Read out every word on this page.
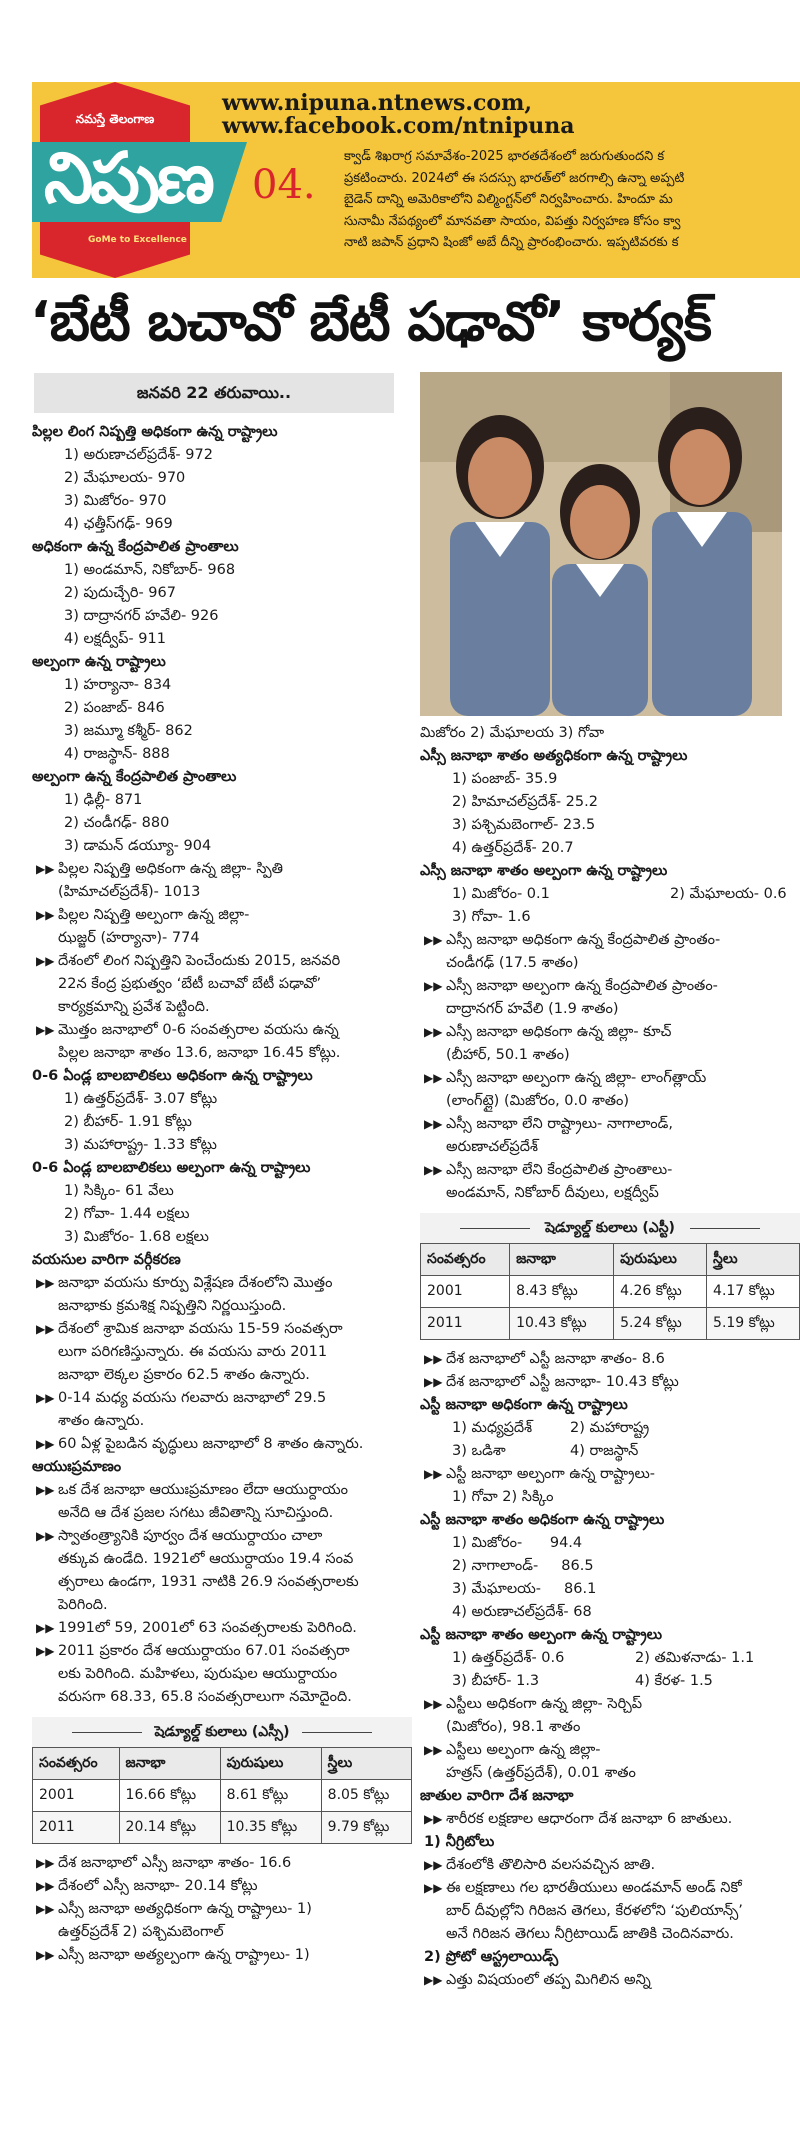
నమస్తే తెలంగాణ
నిపుణ
GoMe to Excellence
04.
www.nipuna.ntnews.com,
www.facebook.com/ntnipuna
క్వాడ్ శిఖరాగ్ర సమావేశం-2025 భారతదేశంలో జరుగుతుందని క
ప్రకటించారు. 2024లో ఈ సదస్సు భారత్‌లో జరగాల్సి ఉన్నా అప్పటి
బైడెన్ దాన్ని అమెరికాలోని విల్మింగ్టన్‌లో నిర్వహించారు. హిందూ మ
సునామీ నేపథ్యంలో మానవతా సాయం, విపత్తు నిర్వహణ కోసం క్వా
నాటి జపాన్ ప్రధాని షింజో అబే దీన్ని ప్రారంభించారు. ఇప్పటివరకు క
‘బేటీ బచావో బేటీ పఢావో’ కార్యక్
జనవరి 22 తరువాయి..
పిల్లల లింగ నిష్పత్తి అధికంగా ఉన్న రాష్ట్రాలు
1) అరుణాచల్‌ప్రదేశ్- 972
2) మేఘాలయ- 970
3) మిజోరం- 970
4) ఛత్తీస్‌గఢ్- 969
అధికంగా ఉన్న కేంద్రపాలిత ప్రాంతాలు
1) అండమాన్, నికోబార్- 968
2) పుదుచ్చేరి- 967
3) దాద్రానగర్ హవేలి- 926
4) లక్షద్వీప్- 911
అల్పంగా ఉన్న రాష్ట్రాలు
1) హర్యానా- 834
2) పంజాబ్- 846
3) జమ్మూ కశ్మీర్- 862
4) రాజస్థాన్- 888
అల్పంగా ఉన్న కేంద్రపాలిత ప్రాంతాలు
1) ఢిల్లీ- 871
2) చండీగఢ్- 880
3) డామన్ డయ్యూ- 904
▶▶ పిల్లల నిష్పత్తి అధికంగా ఉన్న జిల్లా- స్పితి
(హిమాచల్‌ప్రదేశ్)- 1013
▶▶ పిల్లల నిష్పత్తి అల్పంగా ఉన్న జిల్లా-
ఝజ్జర్ (హర్యానా)- 774
▶▶ దేశంలో లింగ నిష్పత్తిని పెంచేందుకు 2015, జనవరి
22న కేంద్ర ప్రభుత్వం ‘బేటీ బచావో బేటీ పఢావో’
కార్యక్రమాన్ని ప్రవేశ పెట్టింది.
▶▶ మొత్తం జనాభాలో 0-6 సంవత్సరాల వయసు ఉన్న
పిల్లల జనాభా శాతం 13.6, జనాభా 16.45 కోట్లు.
0-6 ఏండ్ల బాలబాలికలు అధికంగా ఉన్న రాష్ట్రాలు
1) ఉత్తర్‌ప్రదేశ్- 3.07 కోట్లు
2) బీహార్- 1.91 కోట్లు
3) మహారాష్ట్ర- 1.33 కోట్లు
0-6 ఏండ్ల బాలబాలికలు అల్పంగా ఉన్న రాష్ట్రాలు
1) సిక్కిం- 61 వేలు
2) గోవా- 1.44 లక్షలు
3) మిజోరం- 1.68 లక్షలు
వయసుల వారిగా వర్గీకరణ
▶▶ జనాభా వయసు కూర్పు విశ్లేషణ దేశంలోని మొత్తం
జనాభాకు క్రమశిక్ష నిష్పత్తిని నిర్ణయిస్తుంది.
▶▶ దేశంలో శ్రామిక జనాభా వయసు 15-59 సంవత్సరా
లుగా పరిగణిస్తున్నారు. ఈ వయసు వారు 2011
జనాభా లెక్కల ప్రకారం 62.5 శాతం ఉన్నారు.
▶▶ 0-14 మధ్య వయసు గలవారు జనాభాలో 29.5
శాతం ఉన్నారు.
▶▶ 60 ఏళ్ల పైబడిన వృద్ధులు జనాభాలో 8 శాతం ఉన్నారు.
ఆయుఃప్రమాణం
▶▶ ఒక దేశ జనాభా ఆయుఃప్రమాణం లేదా ఆయుర్దాయం
అనేది ఆ దేశ ప్రజల సగటు జీవితాన్ని సూచిస్తుంది.
▶▶ స్వాతంత్ర్యానికి పూర్వం దేశ ఆయుర్దాయం చాలా
తక్కువ ఉండేది. 1921లో ఆయుర్దాయం 19.4 సంవ
త్సరాలు ఉండగా, 1931 నాటికి 26.9 సంవత్సరాలకు
పెరిగింది.
▶▶ 1991లో 59, 2001లో 63 సంవత్సరాలకు పెరిగింది.
▶▶ 2011 ప్రకారం దేశ ఆయుర్దాయం 67.01 సంవత్సరా
లకు పెరిగింది. మహిళలు, పురుషుల ఆయుర్దాయం
వరుసగా 68.33, 65.8 సంవత్సరాలుగా నమోదైంది.
షెడ్యూల్డ్ కులాలు (ఎస్సీ)
సంవత్సరం	జనాభా	పురుషులు	స్త్రీలు
2001	16.66 కోట్లు	8.61 కోట్లు	8.05 కోట్లు
2011	20.14 కోట్లు	10.35 కోట్లు	9.79 కోట్లు
▶▶ దేశ జనాభాలో ఎస్సీ జనాభా శాతం- 16.6
▶▶ దేశంలో ఎస్సీ జనాభా- 20.14 కోట్లు
▶▶ ఎస్సీ జనాభా అత్యధికంగా ఉన్న రాష్ట్రాలు- 1)
ఉత్తర్‌ప్రదేశ్ 2) పశ్చిమబెంగాల్
▶▶ ఎస్సీ జనాభా అత్యల్పంగా ఉన్న రాష్ట్రాలు- 1)
మిజోరం 2) మేఘాలయ 3) గోవా
ఎస్సీ జనాభా శాతం అత్యధికంగా ఉన్న రాష్ట్రాలు
1) పంజాబ్- 35.9
2) హిమాచల్‌ప్రదేశ్- 25.2
3) పశ్చిమబెంగాల్- 23.5
4) ఉత్తర్‌ప్రదేశ్- 20.7
ఎస్సీ జనాభా శాతం అల్పంగా ఉన్న రాష్ట్రాలు
1) మిజోరం- 0.1	2) మేఘాలయ- 0.6
3) గోవా- 1.6
▶▶ ఎస్సీ జనాభా అధికంగా ఉన్న కేంద్రపాలిత ప్రాంతం-
చండీగఢ్ (17.5 శాతం)
▶▶ ఎస్సీ జనాభా అల్పంగా ఉన్న కేంద్రపాలిత ప్రాంతం-
దాద్రానగర్ హవేలి (1.9 శాతం)
▶▶ ఎస్సీ జనాభా అధికంగా ఉన్న జిల్లా- కూచ్
(బీహార్, 50.1 శాతం)
▶▶ ఎస్సీ జనాభా అల్పంగా ఉన్న జిల్లా- లాంగ్‌త్లాయ్
(లాంగ్‌ట్లై) (మిజోరం, 0.0 శాతం)
▶▶ ఎస్సీ జనాభా లేని రాష్ట్రాలు- నాగాలాండ్,
అరుణాచల్‌ప్రదేశ్
▶▶ ఎస్సీ జనాభా లేని కేంద్రపాలిత ప్రాంతాలు-
అండమాన్, నికోబార్ దీవులు, లక్షద్వీప్
షెడ్యూల్డ్ కులాలు (ఎస్టీ)
సంవత్సరం	జనాభా	పురుషులు	స్త్రీలు
2001	8.43 కోట్లు	4.26 కోట్లు	4.17 కోట్లు
2011	10.43 కోట్లు	5.24 కోట్లు	5.19 కోట్లు
▶▶ దేశ జనాభాలో ఎస్టీ జనాభా శాతం- 8.6
▶▶ దేశ జనాభాలో ఎస్టీ జనాభా- 10.43 కోట్లు
ఎస్టీ జనాభా అధికంగా ఉన్న రాష్ట్రాలు
1) మధ్యప్రదేశ్	2) మహారాష్ట్ర
3) ఒడిశా	4) రాజస్థాన్
▶▶ ఎస్టీ జనాభా అల్పంగా ఉన్న రాష్ట్రాలు-
1) గోవా 2) సిక్కిం
ఎస్టీ జనాభా శాతం అధికంగా ఉన్న రాష్ట్రాలు
1) మిజోరం-      94.4
2) నాగాలాండ్-     86.5
3) మేఘాలయ-     86.1
4) అరుణాచల్‌ప్రదేశ్- 68
ఎస్టీ జనాభా శాతం అల్పంగా ఉన్న రాష్ట్రాలు
1) ఉత్తర్‌ప్రదేశ్- 0.6	2) తమిళనాడు- 1.1
3) బీహార్- 1.3	4) కేరళ- 1.5
▶▶ ఎస్టీలు అధికంగా ఉన్న జిల్లా- సెర్చిప్
(మిజోరం), 98.1 శాతం
▶▶ ఎస్టీలు అల్పంగా ఉన్న జిల్లా-
హత్రస్ (ఉత్తర్‌ప్రదేశ్), 0.01 శాతం
జాతుల వారిగా దేశ జనాభా
▶▶ శారీరక లక్షణాల ఆధారంగా దేశ జనాభా 6 జాతులు.
1) నీగ్రిటోలు
▶▶ దేశంలోకి తొలిసారి వలసవచ్చిన జాతి.
▶▶ ఈ లక్షణాలు గల భారతీయులు అండమాన్ అండ్ నికో
బార్ దీవుల్లోని గిరిజన తెగలు, కేరళలోని ‘పులియాన్స్’
అనే గిరిజన తెగలు నీగ్రిటాయిడ్ జాతికి చెందినవారు.
2) ప్రోటో ఆస్ట్రలాయిడ్స్
▶▶ ఎత్తు విషయంలో తప్ప మిగిలిన అన్ని
